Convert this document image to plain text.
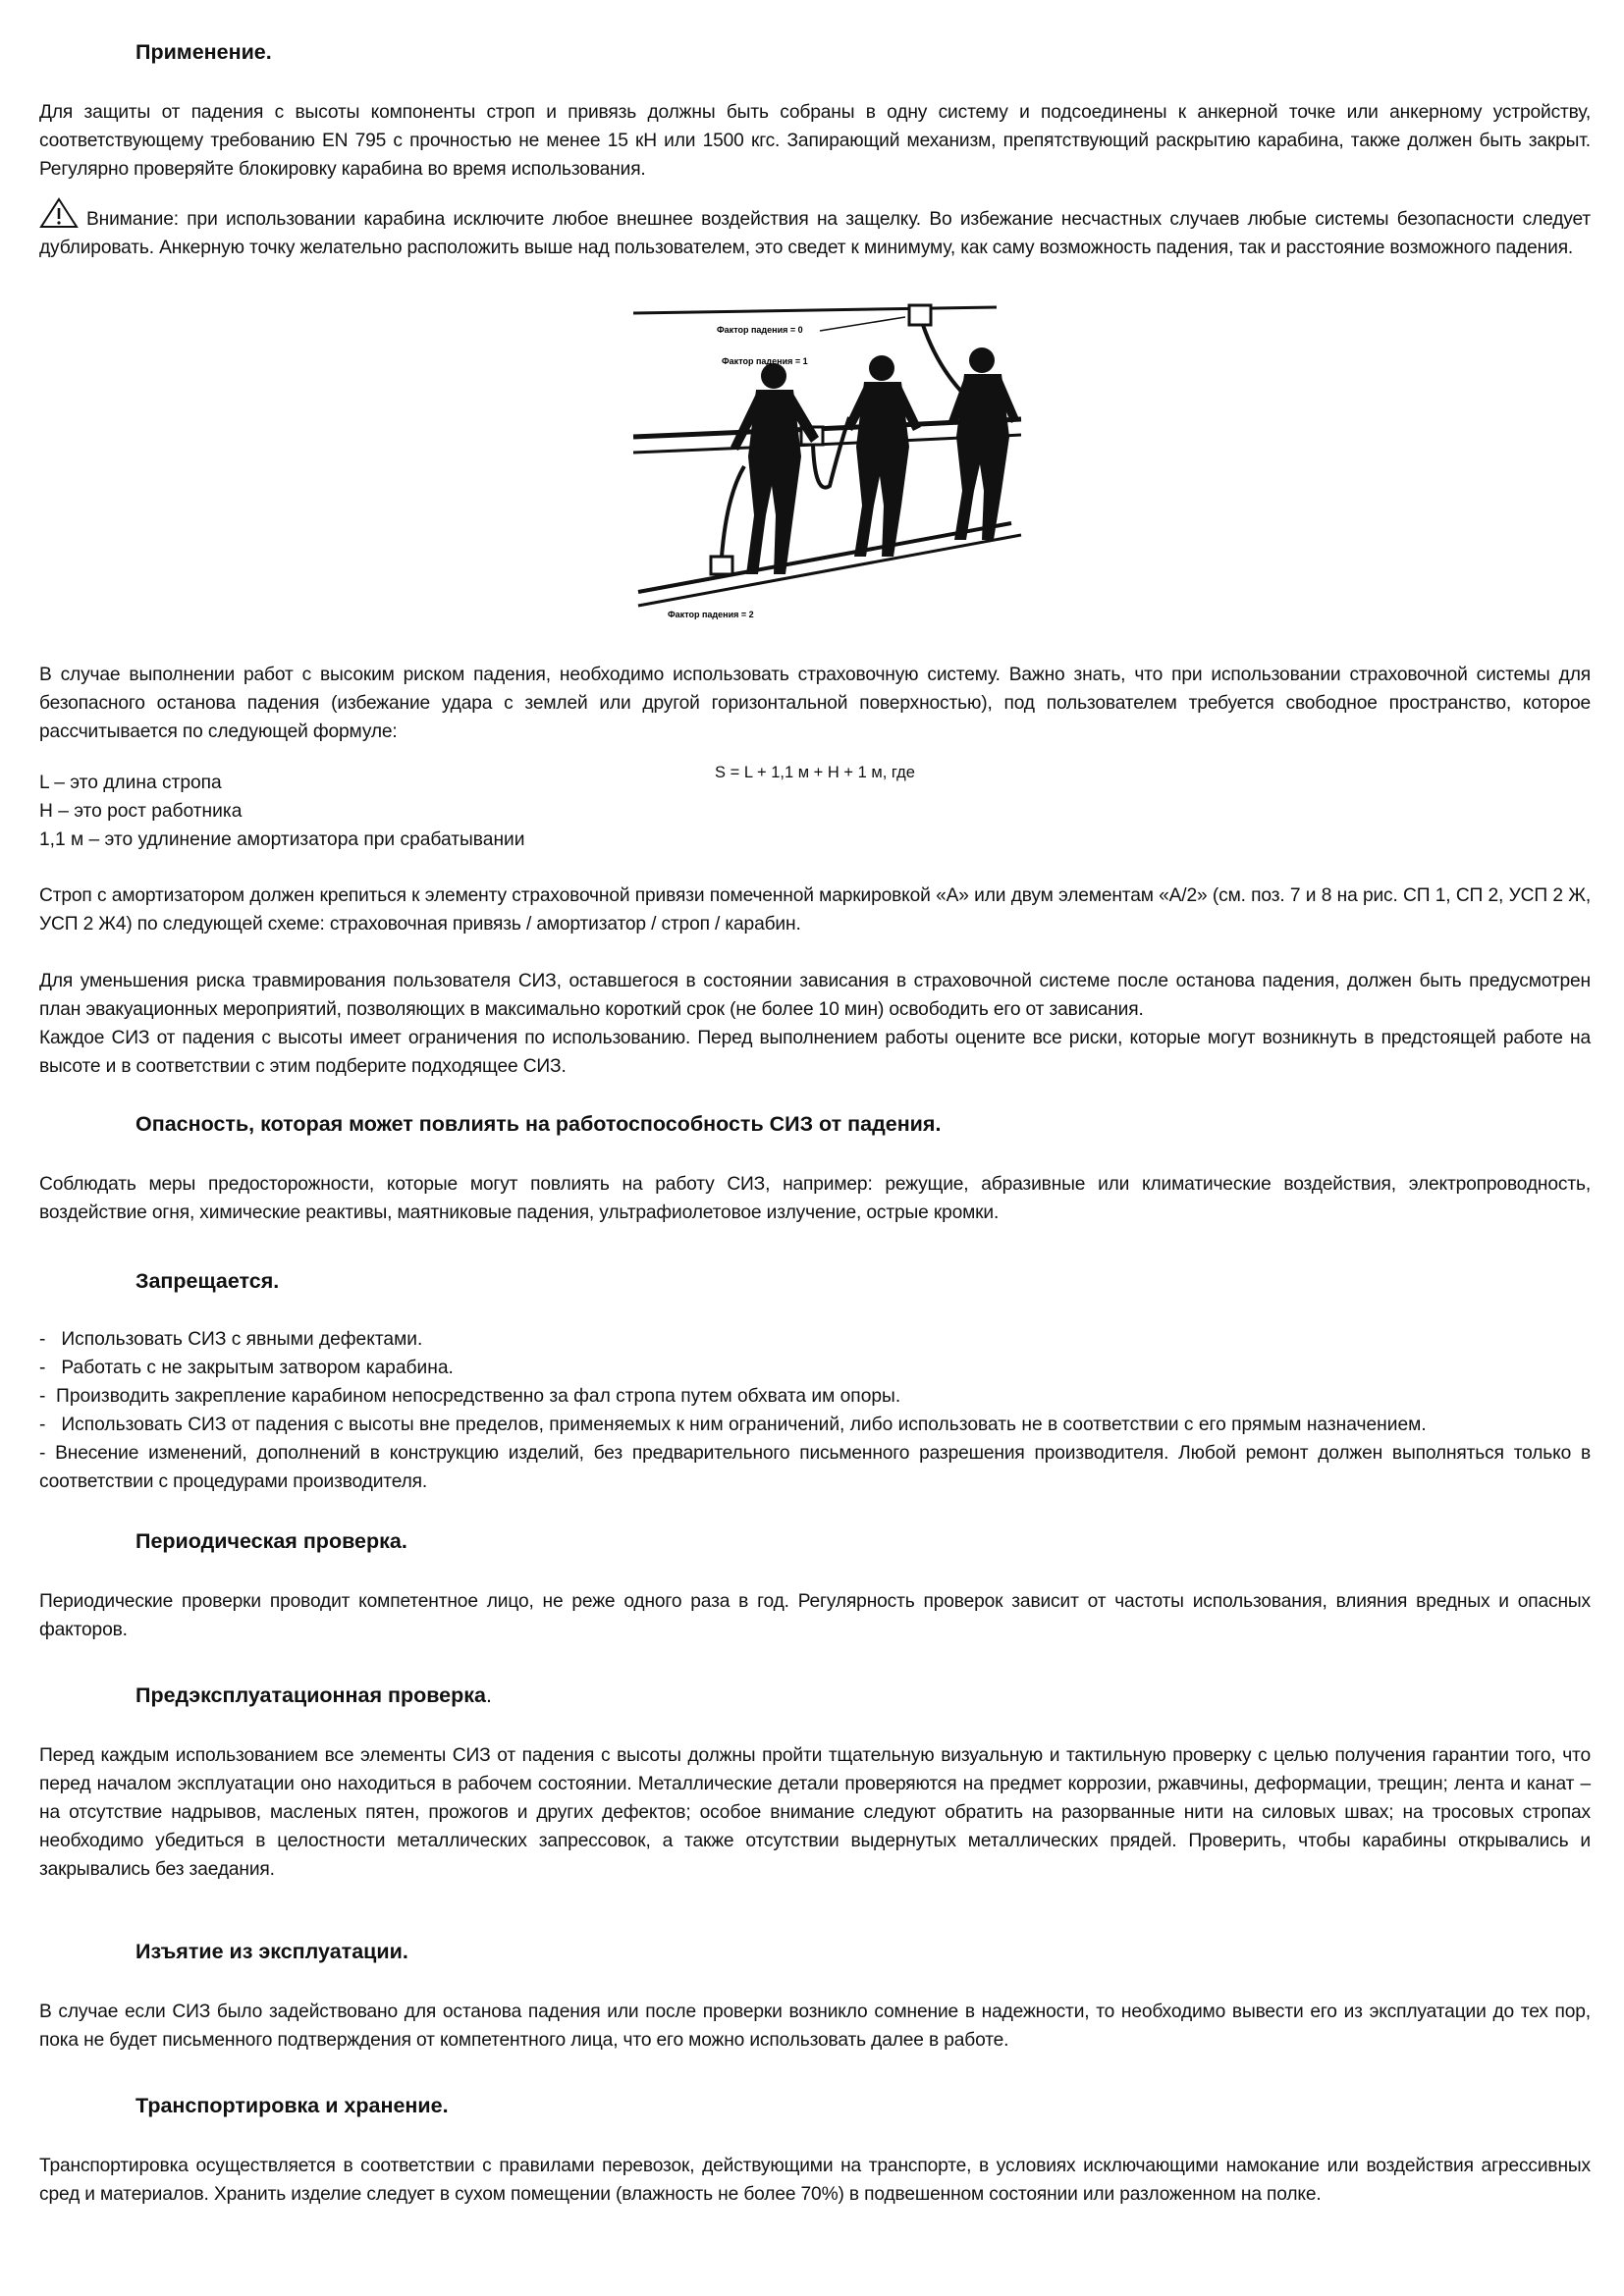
Применение.

Для защиты от падения с высоты компоненты строп и привязь должны быть собраны в одну систему и подсоединены к анкерной точке или анкерному устройству, соответствующему требованию EN 795 с прочностью не менее 15 кН или 1500 кгс. Запирающий механизм, препятствующий раскрытию карабина, также должен быть закрыт. Регулярно проверяйте блокировку карабина во время использования.

Внимание: при использовании карабина исключите любое внешнее воздействия на защелку. Во избежание несчастных случаев любые системы безопасности следует дублировать. Анкерную точку желательно расположить выше над пользователем, это сведет к минимуму, как саму возможность падения, так и расстояние возможного падения.

Фактор падения = 0
Фактор падения = 1
Фактор падения = 2

В случае выполнении работ с высоким риском падения, необходимо использовать страховочную систему. Важно знать, что при использовании страховочной системы для безопасного останова падения (избежание удара с землей или другой горизонтальной поверхностью), под пользователем требуется свободное пространство, которое рассчитывается по следующей формуле:

S = L + 1,1 м + H + 1 м, где

L – это длина стропа

H – это рост работника

1,1 м – это удлинение амортизатора при срабатывании

Строп с амортизатором должен крепиться к элементу страховочной привязи помеченной маркировкой «А» или двум элементам «А/2» (см. поз. 7 и 8 на рис. СП 1, СП 2, УСП 2 Ж, УСП 2 Ж4) по следующей схеме: страховочная привязь / амортизатор / строп / карабин.

Для уменьшения риска травмирования пользователя СИЗ, оставшегося в состоянии зависания в страховочной системе после останова падения, должен быть предусмотрен план эвакуационных мероприятий, позволяющих в максимально короткий срок (не более 10 мин) освободить его от зависания.

Каждое СИЗ от падения с высоты имеет ограничения по использованию. Перед выполнением работы оцените все риски, которые могут возникнуть в предстоящей работе на высоте и в соответствии с этим подберите подходящее СИЗ.

Опасность, которая может повлиять на работоспособность СИЗ от падения.

Соблюдать меры предосторожности, которые могут повлиять на работу СИЗ, например: режущие, абразивные или климатические воздействия, электропроводность, воздействие огня, химические реактивы, маятниковые падения, ультрафиолетовое излучение, острые кромки.

Запрещается.

-   Использовать СИЗ с явными дефектами.

-   Работать с не закрытым затвором карабина.

-  Производить закрепление карабином непосредственно за фал стропа путем обхвата им опоры.

-   Использовать СИЗ от падения с высоты вне пределов, применяемых к ним ограничений, либо использовать не в соответствии с его прямым назначением.

- Внесение изменений, дополнений в конструкцию изделий, без предварительного письменного разрешения производителя. Любой ремонт должен выполняться только в соответствии с процедурами производителя.

Периодическая проверка.

Периодические проверки проводит компетентное лицо, не реже одного раза в год. Регулярность проверок зависит от частоты использования, влияния вредных и опасных факторов.

Предэксплуатационная проверка.

Перед каждым использованием все элементы СИЗ от падения с высоты должны пройти тщательную визуальную и тактильную проверку с целью получения гарантии того, что перед началом эксплуатации оно находиться в рабочем состоянии. Металлические детали проверяются на предмет коррозии, ржавчины, деформации, трещин; лента и канат – на отсутствие надрывов, масленых пятен, прожогов и других дефектов; особое внимание следуют обратить на разорванные нити на силовых швах; на тросовых стропах необходимо убедиться в целостности металлических запрессовок, а также отсутствии выдернутых металлических прядей. Проверить, чтобы карабины открывались и закрывались без заедания.

Изъятие из эксплуатации.

В случае если СИЗ было задействовано для останова падения или после проверки возникло сомнение в надежности, то необходимо вывести его из эксплуатации до тех пор, пока не будет письменного подтверждения от компетентного лица, что его можно использовать далее в работе.

Транспортировка и хранение.

Транспортировка осуществляется в соответствии с правилами перевозок, действующими на транспорте, в условиях исключающими намокание или воздействия агрессивных сред и материалов. Хранить изделие следует в сухом помещении (влажность не более 70%) в подвешенном состоянии или разложенном на полке.
